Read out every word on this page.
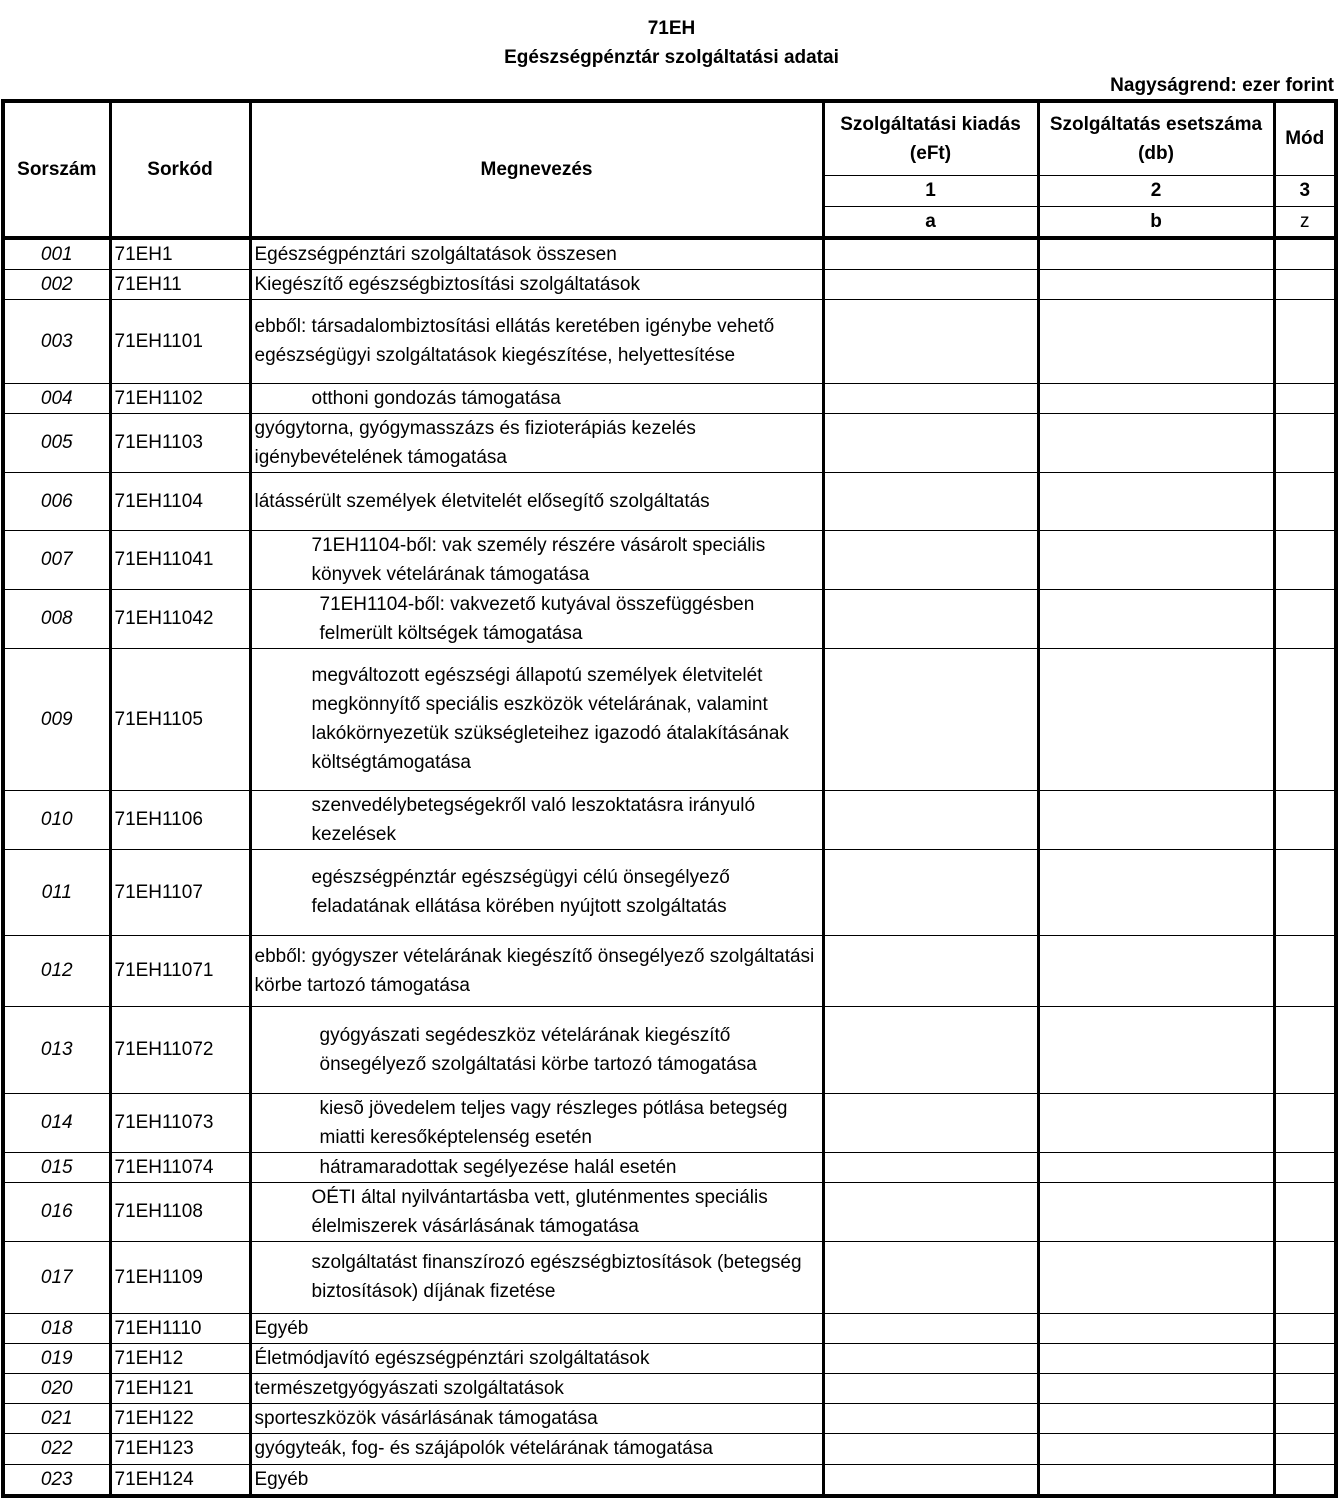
71EH
Egészségpénztár szolgáltatási adatai
Nagyságrend: ezer forint
Sorszám	Sorkód	Megnevezés	Szolgáltatási kiadás (eFt)	Szolgáltatás esetszáma (db)	Mód
			1	2	3
			a	b	z
001	71EH1	Egészségpénztári szolgáltatások összesen			
002	71EH11	Kiegészítő egészségbiztosítási szolgáltatások			
003	71EH1101	ebből: társadalombiztosítási ellátás keretében igénybe vehető egészségügyi szolgáltatások kiegészítése, helyettesítése			
004	71EH1102	otthoni gondozás támogatása			
005	71EH1103	gyógytorna, gyógymasszázs és fizioterápiás kezelés igénybevételének támogatása			
006	71EH1104	látássérült személyek életvitelét elősegítő szolgáltatás			
007	71EH11041	71EH1104-ből: vak személy részére vásárolt speciális könyvek vételárának támogatása			
008	71EH11042	71EH1104-ből: vakvezető kutyával összefüggésben felmerült költségek támogatása			
009	71EH1105	megváltozott egészségi állapotú személyek életvitelét megkönnyítő speciális eszközök vételárának, valamint lakókörnyezetük szükségleteihez igazodó átalakításának költségtámogatása			
010	71EH1106	szenvedélybetegségekről való leszoktatásra irányuló kezelések			
011	71EH1107	egészségpénztár egészségügyi célú önsegélyező feladatának ellátása körében nyújtott szolgáltatás			
012	71EH11071	ebből: gyógyszer vételárának kiegészítő önsegélyező szolgáltatási körbe tartozó támogatása			
013	71EH11072	gyógyászati segédeszköz vételárának kiegészítő önsegélyező szolgáltatási körbe tartozó támogatása			
014	71EH11073	kiesõ jövedelem teljes vagy részleges pótlása betegség miatti keresőképtelenség esetén			
015	71EH11074	hátramaradottak segélyezése halál esetén			
016	71EH1108	OÉTI által nyilvántartásba vett, gluténmentes speciális élelmiszerek vásárlásának támogatása			
017	71EH1109	szolgáltatást finanszírozó egészségbiztosítások (betegség biztosítások) díjának fizetése			
018	71EH1110	Egyéb			
019	71EH12	Életmódjavító egészségpénztári szolgáltatások			
020	71EH121	természetgyógyászati szolgáltatások			
021	71EH122	sporteszközök vásárlásának támogatása			
022	71EH123	gyógyteák, fog- és szájápolók vételárának támogatása			
023	71EH124	Egyéb			
